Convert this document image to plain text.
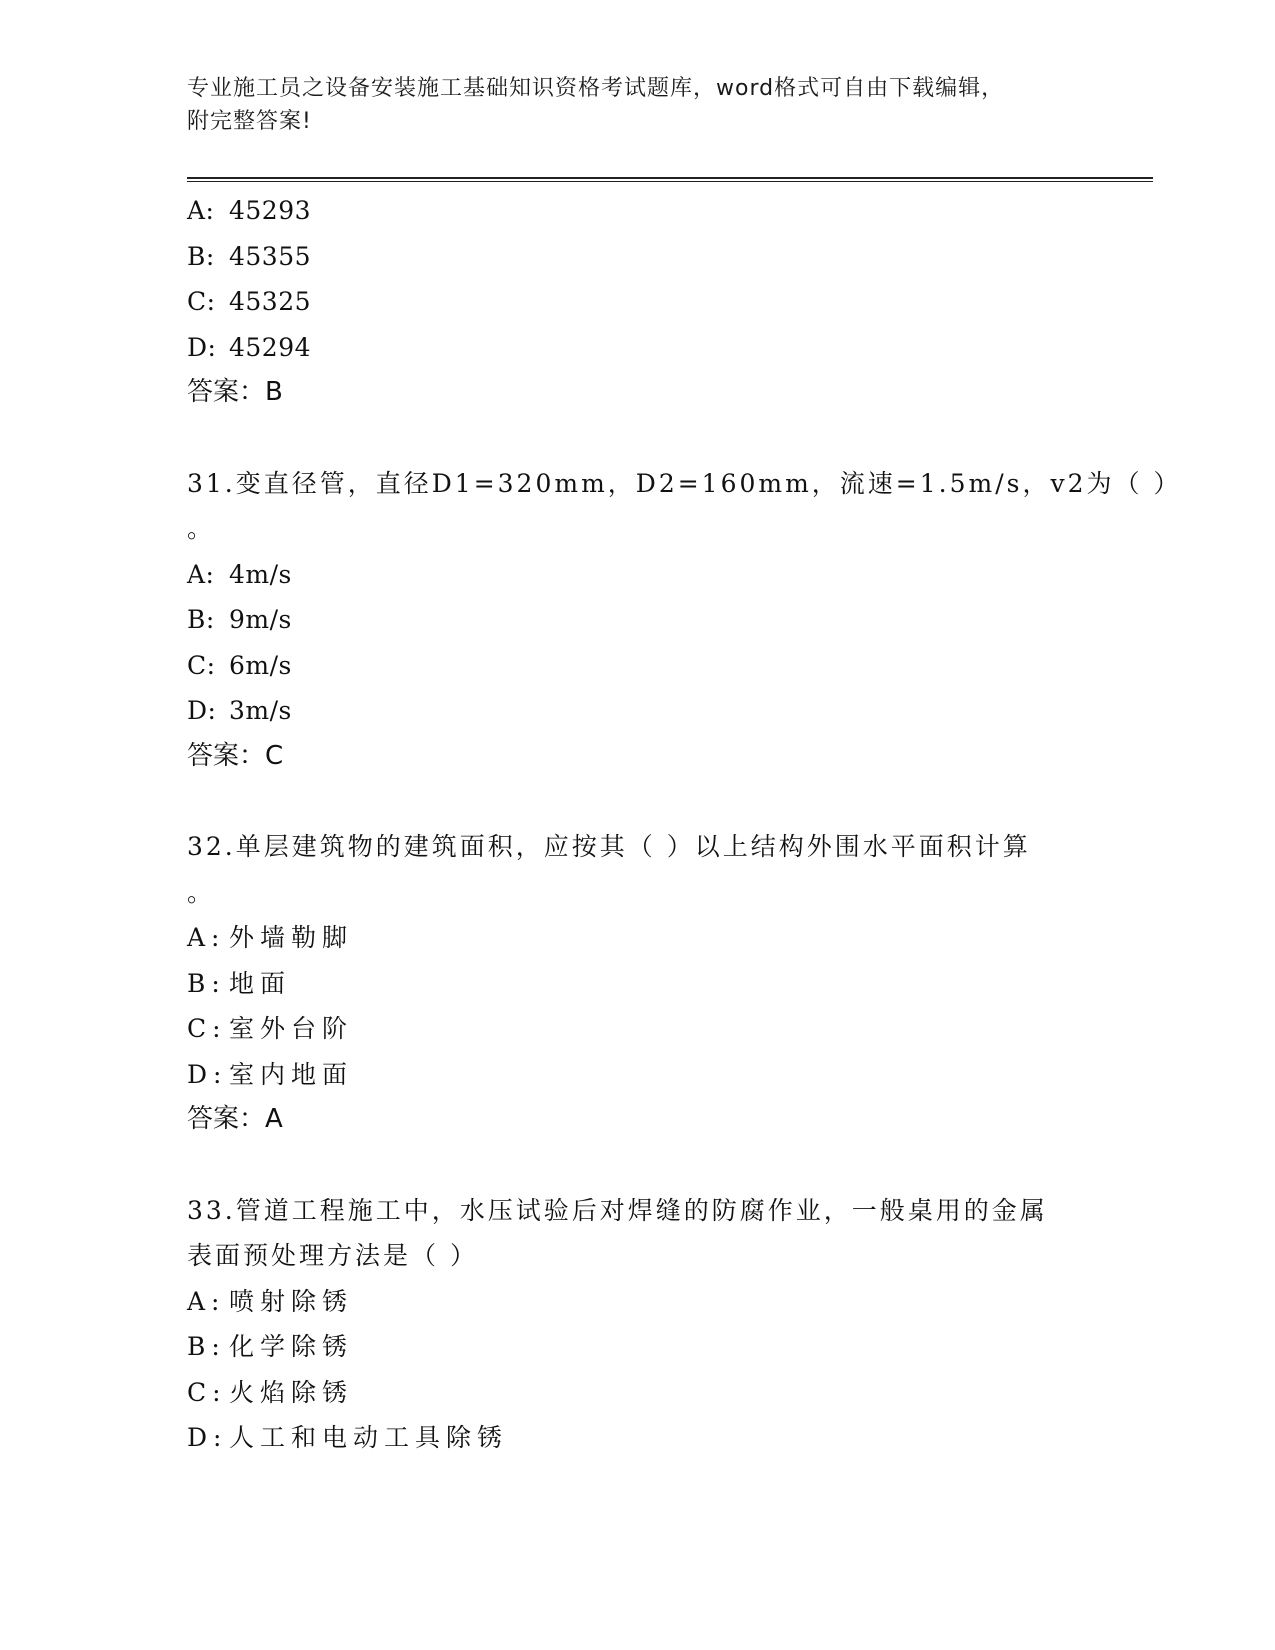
专业施工员之设备安装施工基础知识资格考试题库，word格式可自由下载编辑，
附完整答案!
A: 45293
B: 45355
C: 45325
D: 45294
答案：B
31.变直径管，直径D1=320mm，D2=160mm，流速=1.5m/s，v2为（ ）
。
A: 4m/s
B: 9m/s
C: 6m/s
D: 3m/s
答案：C
32.单层建筑物的建筑面积，应按其（ ）以上结构外围水平面积计算
。
A: 外墙勒脚
B: 地面
C:室外台阶
D:室内地面
答案：A
33.管道工程施工中，水压试验后对焊缝的防腐作业，一般桌用的金属
表面预处理方法是（ ）
A: 喷射除锈
B: 化学除锈
C:火焰除锈
D:人工和电动工具除锈
